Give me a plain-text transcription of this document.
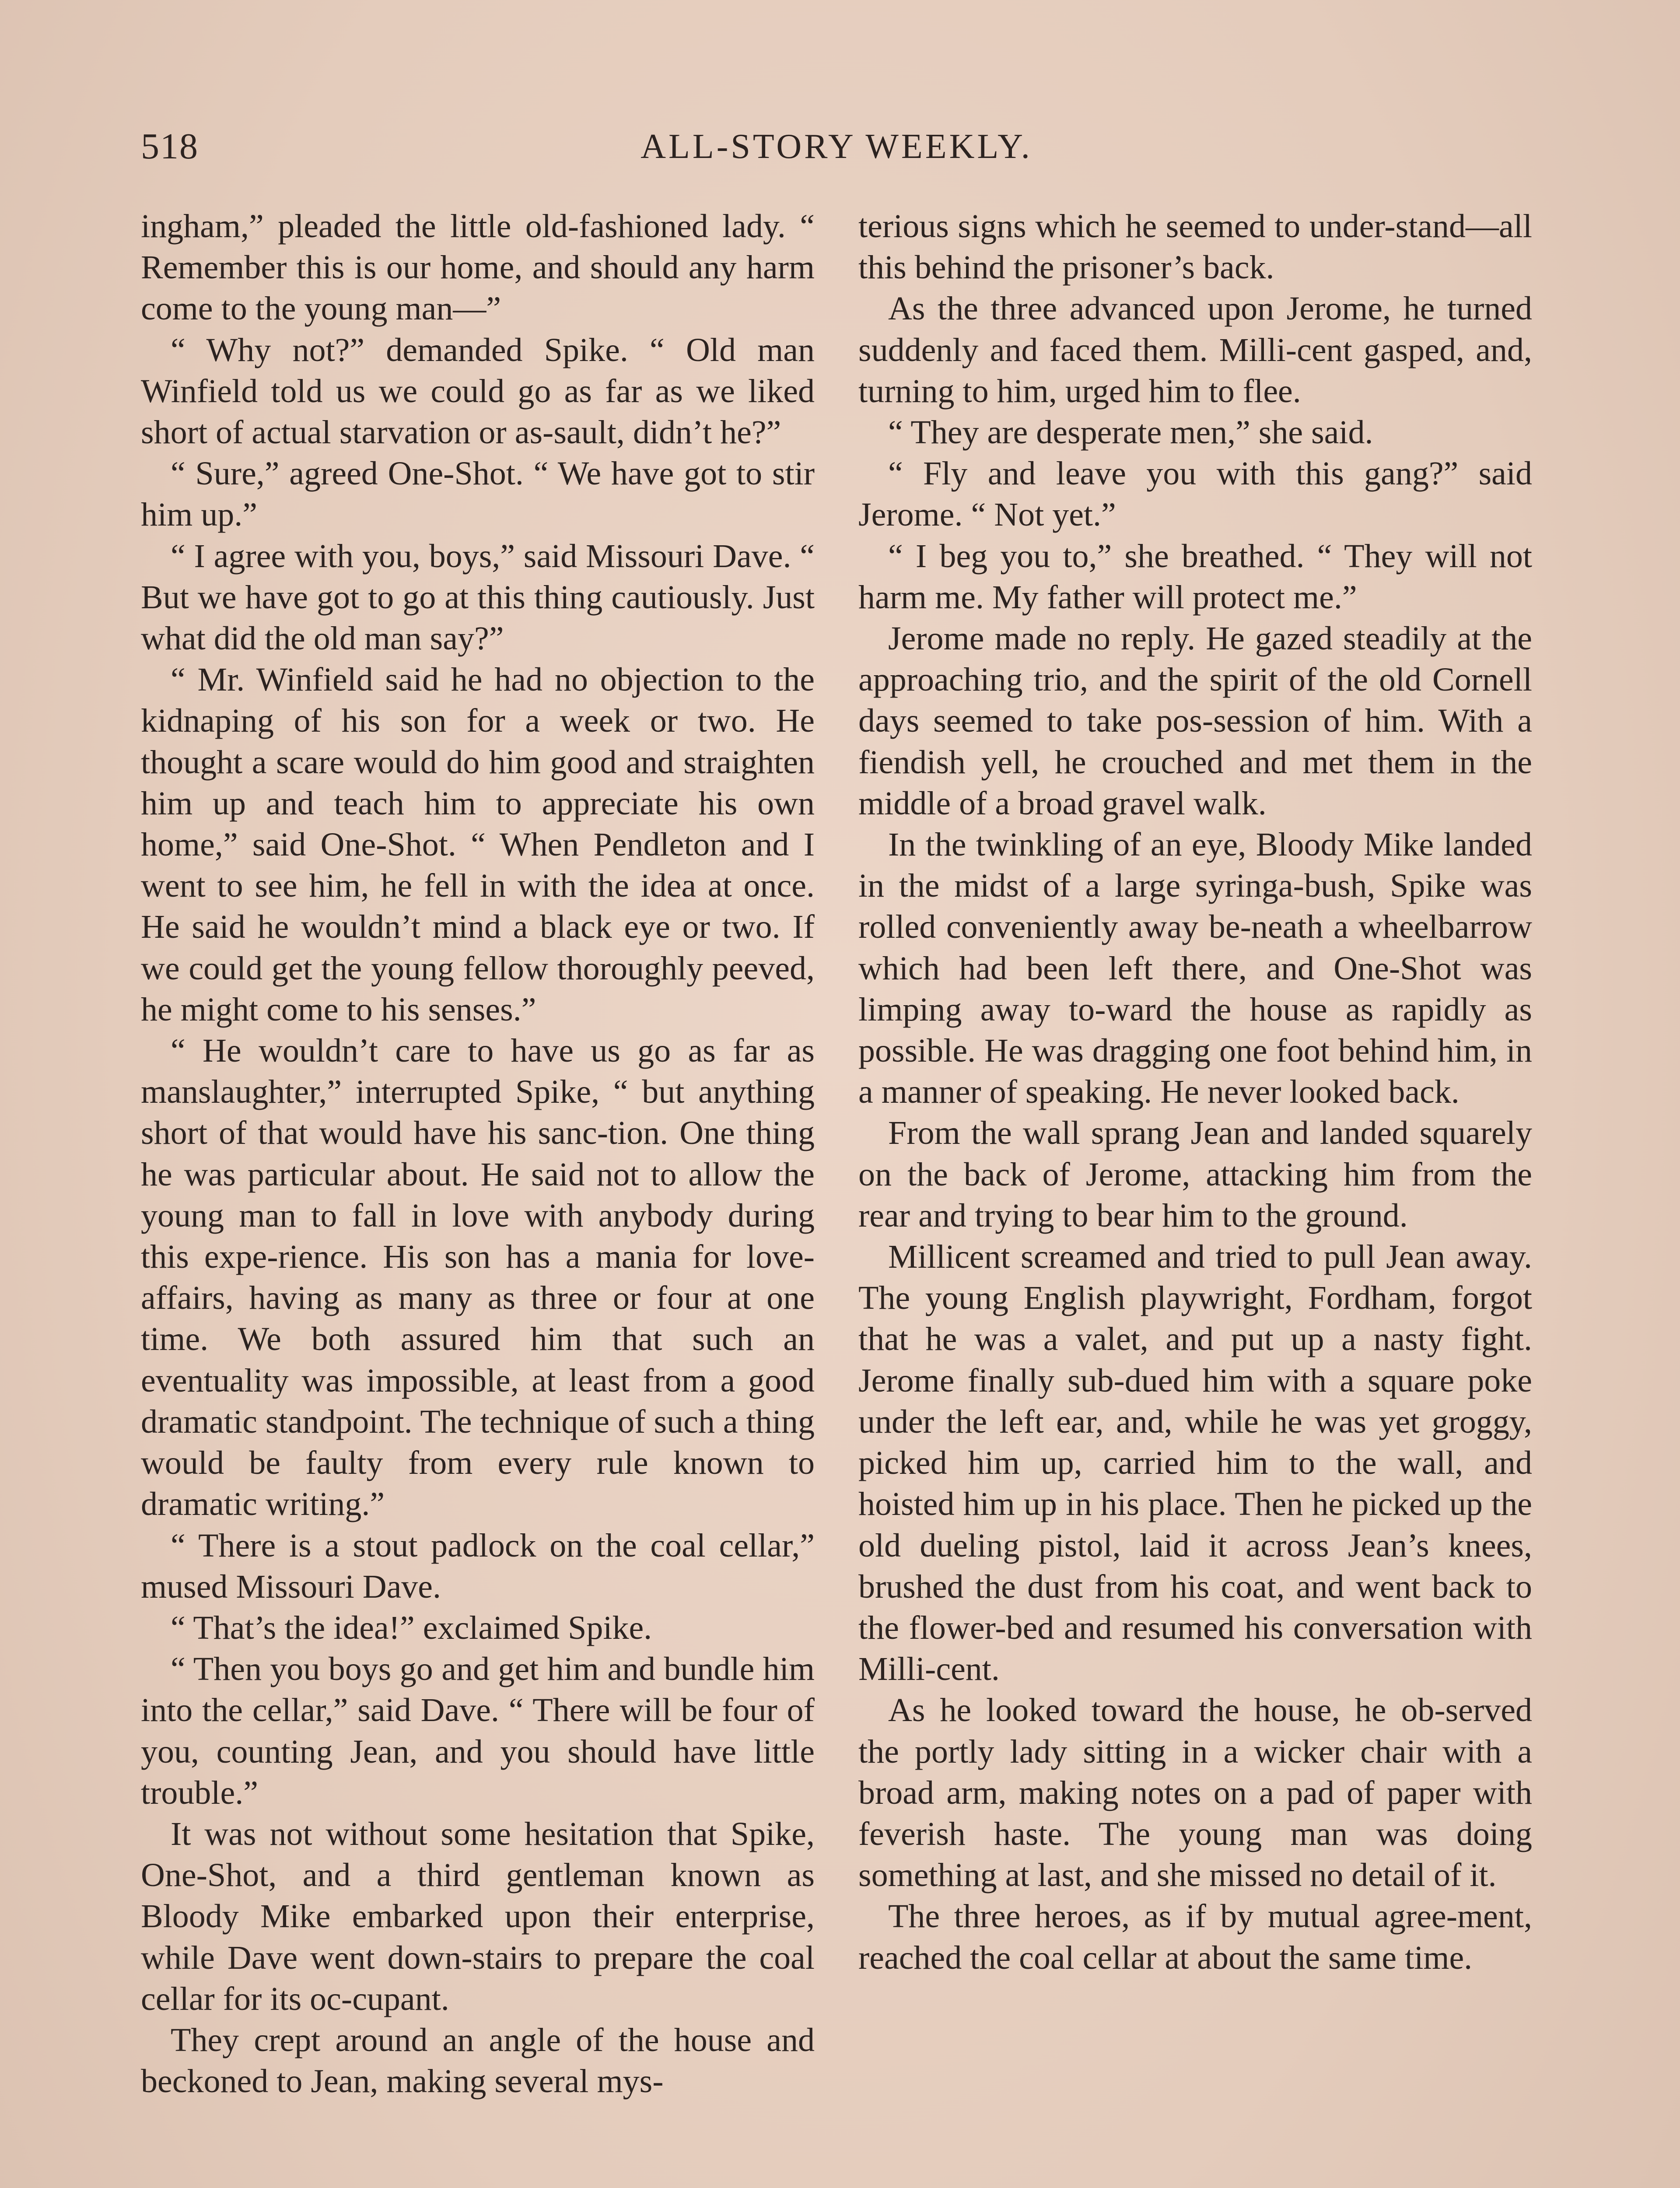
518	ALL-STORY WEEKLY.

ingham,” pleaded the little old-fashioned lady. “ Remember this is our home, and should any harm come to the young man—”

“ Why not?” demanded Spike. “ Old man Winfield told us we could go as far as we liked short of actual starvation or as-sault, didn’t he?”

“ Sure,” agreed One-Shot. “ We have got to stir him up.”

“ I agree with you, boys,” said Missouri Dave. “ But we have got to go at this thing cautiously. Just what did the old man say?”

“ Mr. Winfield said he had no objection to the kidnaping of his son for a week or two. He thought a scare would do him good and straighten him up and teach him to appreciate his own home,” said One-Shot. “ When Pendleton and I went to see him, he fell in with the idea at once. He said he wouldn’t mind a black eye or two. If we could get the young fellow thoroughly peeved, he might come to his senses.”

“ He wouldn’t care to have us go as far as manslaughter,” interrupted Spike, “ but anything short of that would have his sanc-tion. One thing he was particular about. He said not to allow the young man to fall in love with anybody during this expe-rience. His son has a mania for love-affairs, having as many as three or four at one time. We both assured him that such an eventuality was impossible, at least from a good dramatic standpoint. The technique of such a thing would be faulty from every rule known to dramatic writing.”

“ There is a stout padlock on the coal cellar,” mused Missouri Dave.

“ That’s the idea!” exclaimed Spike.

“ Then you boys go and get him and bundle him into the cellar,” said Dave. “ There will be four of you, counting Jean, and you should have little trouble.”

It was not without some hesitation that Spike, One-Shot, and a third gentleman known as Bloody Mike embarked upon their enterprise, while Dave went down-stairs to prepare the coal cellar for its oc-cupant.

They crept around an angle of the house and beckoned to Jean, making several mys-

terious signs which he seemed to under-stand—all this behind the prisoner’s back.

As the three advanced upon Jerome, he turned suddenly and faced them. Milli-cent gasped, and, turning to him, urged him to flee.

“ They are desperate men,” she said.

“ Fly and leave you with this gang?” said Jerome. “ Not yet.”

“ I beg you to,” she breathed. “ They will not harm me. My father will protect me.”

Jerome made no reply. He gazed steadily at the approaching trio, and the spirit of the old Cornell days seemed to take pos-session of him. With a fiendish yell, he crouched and met them in the middle of a broad gravel walk.

In the twinkling of an eye, Bloody Mike landed in the midst of a large syringa-bush, Spike was rolled conveniently away be-neath a wheelbarrow which had been left there, and One-Shot was limping away to-ward the house as rapidly as possible. He was dragging one foot behind him, in a manner of speaking. He never looked back.

From the wall sprang Jean and landed squarely on the back of Jerome, attacking him from the rear and trying to bear him to the ground.

Millicent screamed and tried to pull Jean away. The young English playwright, Fordham, forgot that he was a valet, and put up a nasty fight. Jerome finally sub-dued him with a square poke under the left ear, and, while he was yet groggy, picked him up, carried him to the wall, and hoisted him up in his place. Then he picked up the old dueling pistol, laid it across Jean’s knees, brushed the dust from his coat, and went back to the flower-bed and resumed his conversation with Milli-cent.

As he looked toward the house, he ob-served the portly lady sitting in a wicker chair with a broad arm, making notes on a pad of paper with feverish haste. The young man was doing something at last, and she missed no detail of it.

The three heroes, as if by mutual agree-ment, reached the coal cellar at about the same time.
